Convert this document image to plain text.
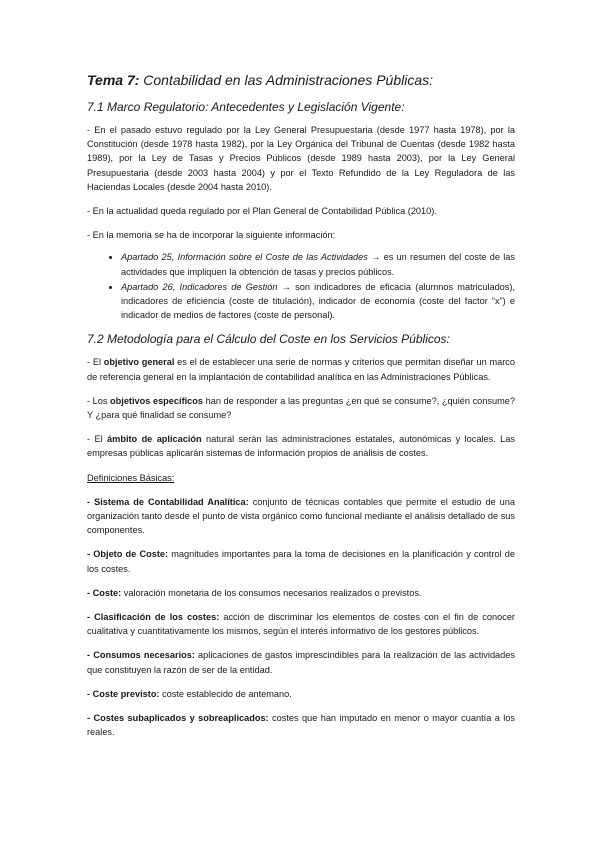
Tema 7: Contabilidad en las Administraciones Públicas:
7.1 Marco Regulatorio: Antecedentes y Legislación Vigente:

- En el pasado estuvo regulado por la Ley General Presupuestaria (desde 1977 hasta 1978), por la Constitución (desde 1978 hasta 1982), por la Ley Orgánica del Tribunal de Cuentas (desde 1982 hasta 1989), por la Ley de Tasas y Precios Públicos (desde 1989 hasta 2003), por la Ley General Presupuestaria (desde 2003 hasta 2004) y por el Texto Refundido de la Ley Reguladora de las Haciendas Locales (desde 2004 hasta 2010).

- En la actualidad queda regulado por el Plan General de Contabilidad Pública (2010).

- En la memoria se ha de incorporar la siguiente información:

• Apartado 25, Información sobre el Coste de las Actividades → es un resumen del coste de las actividades que impliquen la obtención de tasas y precios públicos.
• Apartado 26, Indicadores de Gestión → son indicadores de eficacia (alumnos matriculados), indicadores de eficiencia (coste de titulación), indicador de economía (coste del factor “x”) e indicador de medios de factores (coste de personal).
7.2 Metodología para el Cálculo del Coste en los Servicios Públicos:

- El objetivo general es el de establecer una serie de normas y criterios que permitan diseñar un marco de referencia general en la implantación de contabilidad analítica en las Administraciones Públicas.

- Los objetivos específicos han de responder a las preguntas ¿en qué se consume?, ¿quién consume? Y ¿para qué finalidad se consume?

- El ámbito de aplicación natural serán las administraciones estatales, autonómicas y locales. Las empresas públicas aplicarán sistemas de información propios de análisis de costes.

Definiciones Básicas:

- Sistema de Contabilidad Analítica: conjunto de técnicas contables que permite el estudio de una organización tanto desde el punto de vista orgánico como funcional mediante el análisis detallado de sus componentes.

- Objeto de Coste: magnitudes importantes para la toma de decisiones en la planificación y control de los costes.

- Coste: valoración monetaria de los consumos necesarios realizados o previstos.

- Clasificación de los costes: acción de discriminar los elementos de costes con el fin de conocer cualitativa y cuantitativamente los mismos, según el interés informativo de los gestores públicos.

- Consumos necesarios: aplicaciones de gastos imprescindibles para la realización de las actividades que constituyen la razón de ser de la entidad.

- Coste previsto: coste establecido de antemano.

- Costes subaplicados y sobreaplicados: costes que han imputado en menor o mayor cuantía a los reales.
